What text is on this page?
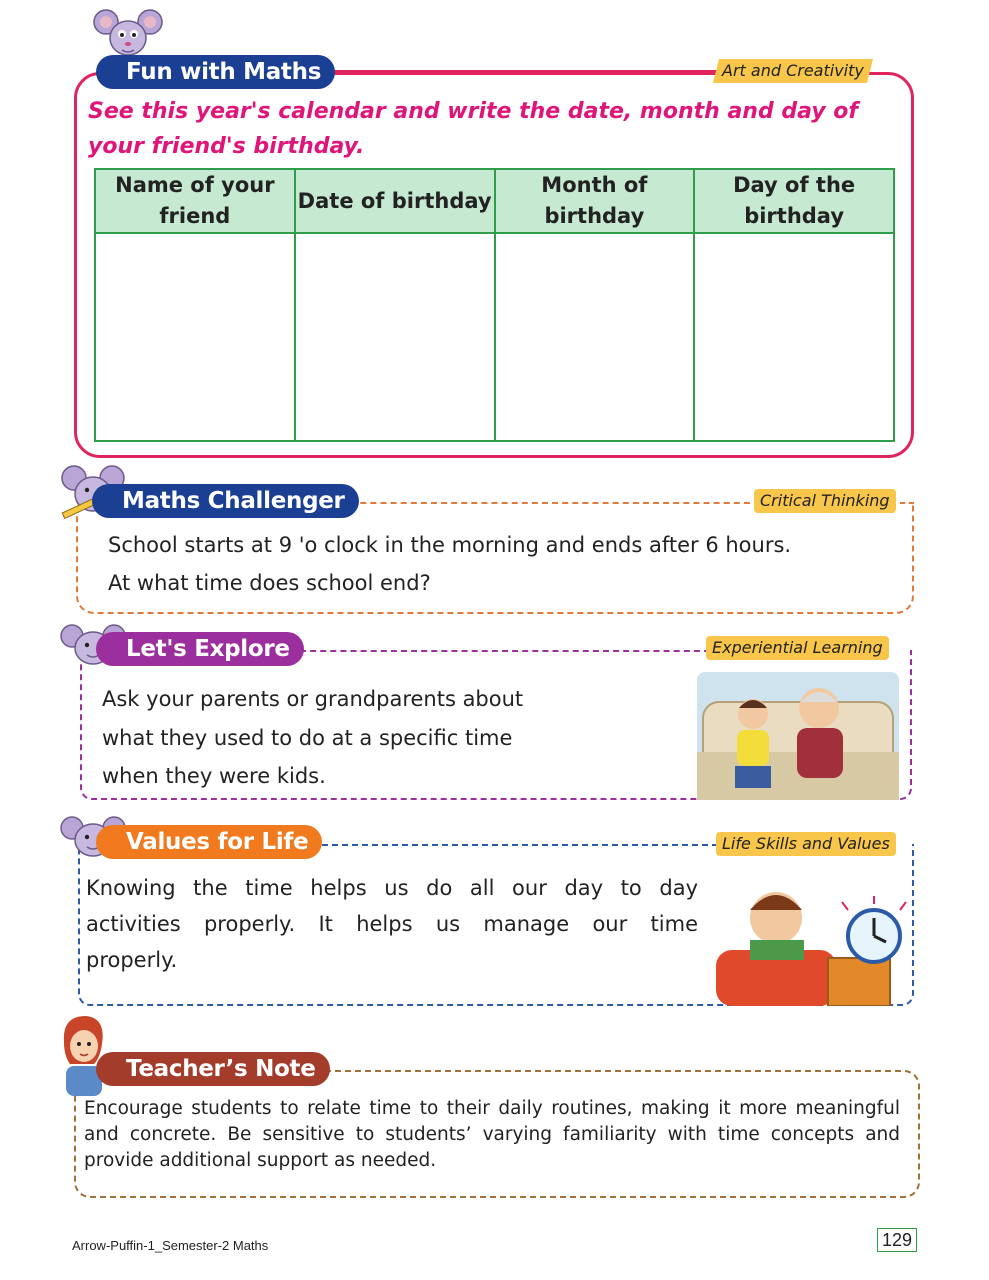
Fun with Maths	Art and Creativity
See this year's calendar and write the date, month and day of your friend's birthday.
Name of your friend	Date of birthday	Month of birthday	Day of the birthday

Maths Challenger	Critical Thinking
School starts at 9 'o clock in the morning and ends after 6 hours.
At what time does school end?
Let's Explore	Experiential Learning
Ask your parents or grandparents about
what they used to do at a specific time
when they were kids.
Values for Life	Life Skills and Values
Knowing the time helps us do all our day to day
activities properly. It helps us manage our time
properly.
Teacher’s Note
Encourage students to relate time to their daily routines, making it more meaningful and concrete. Be sensitive to students’ varying familiarity with time concepts and provide additional support as needed.
Arrow-Puffin-1_Semester-2 Maths	129
